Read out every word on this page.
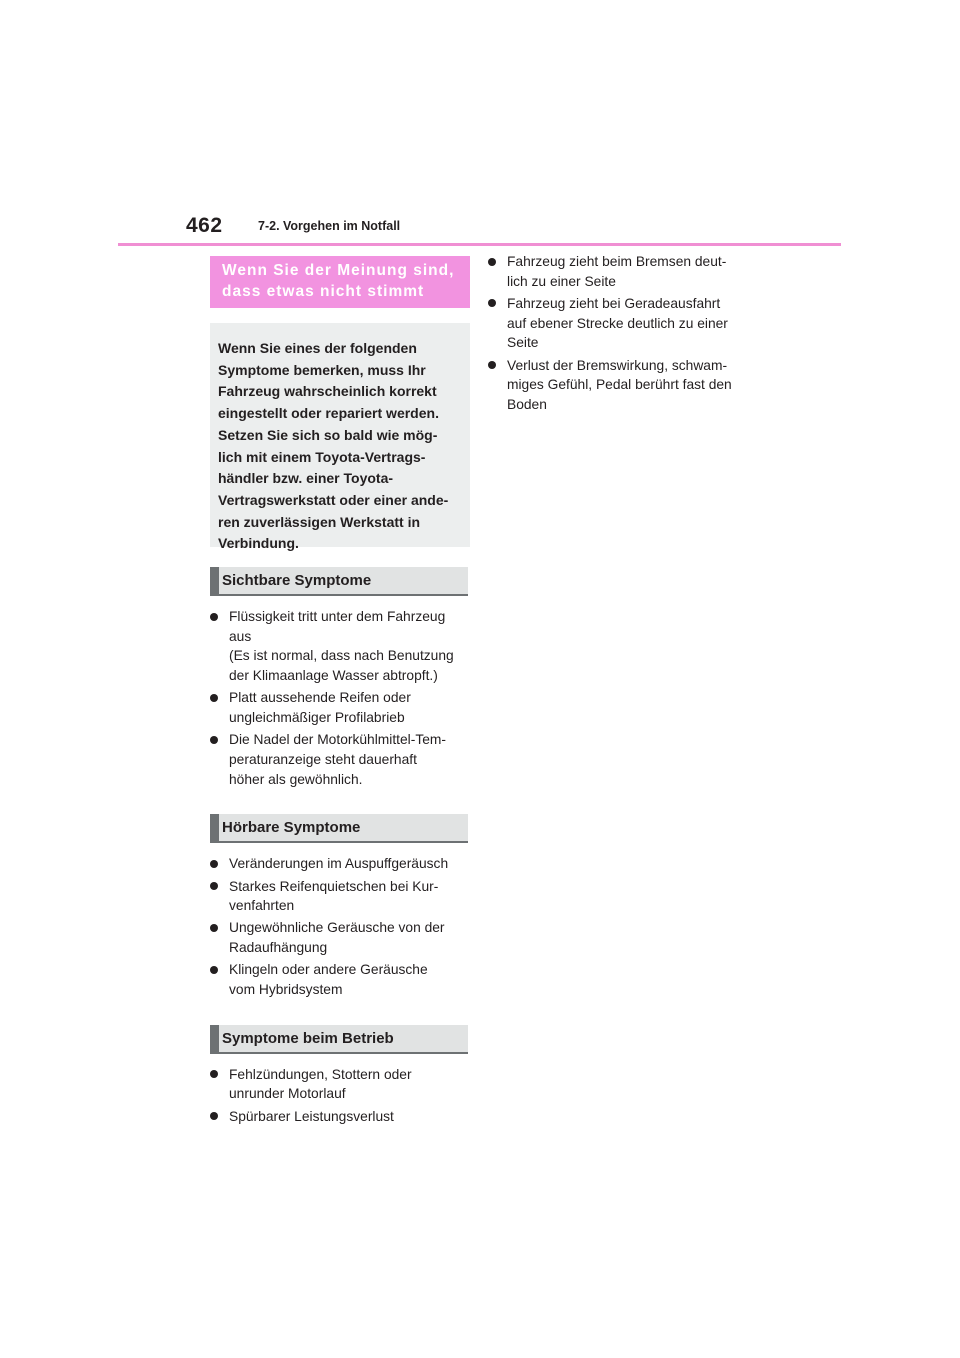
462	7-2. Vorgehen im Notfall
Wenn Sie der Meinung sind,
dass etwas nicht stimmt
Wenn Sie eines der folgenden
Symptome bemerken, muss Ihr
Fahrzeug wahrscheinlich korrekt
eingestellt oder repariert werden.
Setzen Sie sich so bald wie mög-
lich mit einem Toyota-Vertrags-
händler bzw. einer Toyota-
Vertragswerkstatt oder einer ande-
ren zuverlässigen Werkstatt in
Verbindung.
Sichtbare Symptome
Flüssigkeit tritt unter dem Fahrzeug
aus
(Es ist normal, dass nach Benutzung
der Klimaanlage Wasser abtropft.)
Platt aussehende Reifen oder
ungleichmäßiger Profilabrieb
Die Nadel der Motorkühlmittel-Tem-
peraturanzeige steht dauerhaft
höher als gewöhnlich.
Hörbare Symptome
Veränderungen im Auspuffgeräusch
Starkes Reifenquietschen bei Kur-
venfahrten
Ungewöhnliche Geräusche von der
Radaufhängung
Klingeln oder andere Geräusche
vom Hybridsystem
Symptome beim Betrieb
Fehlzündungen, Stottern oder
unrunder Motorlauf
Spürbarer Leistungsverlust
Fahrzeug zieht beim Bremsen deut-
lich zu einer Seite
Fahrzeug zieht bei Geradeausfahrt
auf ebener Strecke deutlich zu einer
Seite
Verlust der Bremswirkung, schwam-
miges Gefühl, Pedal berührt fast den
Boden
